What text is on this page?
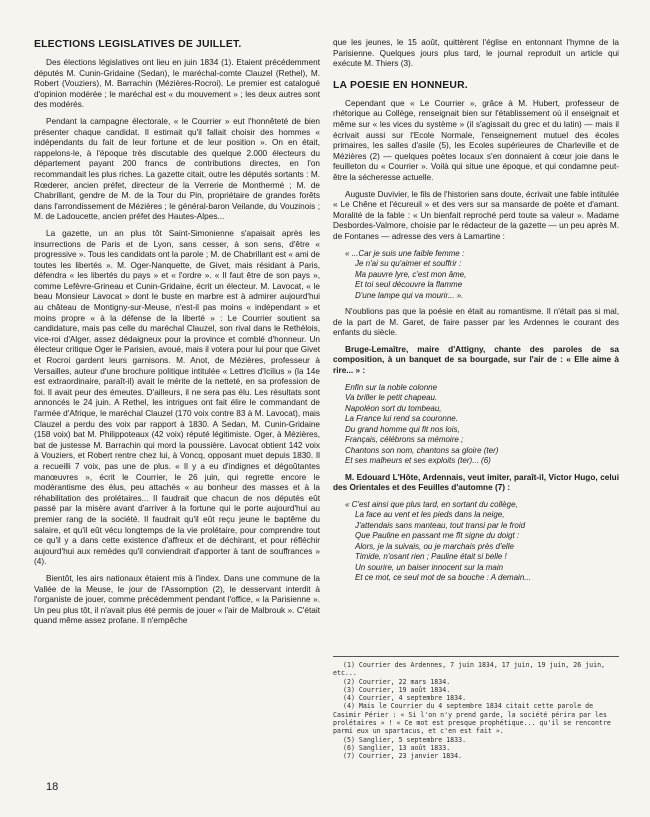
ELECTIONS LEGISLATIVES DE JUILLET.

Des élections législatives ont lieu en juin 1834 (1). Etaient précédemment députés M. Cunin-Gridaine (Sedan), le maréchal-comte Clauzel (Rethel), M. Robert (Vouziers), M. Barrachin (Mézières-Rocroi). Le premier est catalogué d'opinion modérée ; le maréchal est « du mouvement » ; les deux autres sont des modérés.

Pendant la campagne électorale, « le Courrier » eut l'honnêteté de bien présenter chaque candidat. Il estimait qu'il fallait choisir des hommes « indépendants du fait de leur fortune et de leur position ». On en était, rappelons-le, à l'époque très discutable des quelque 2.000 électeurs du département payant 200 francs de contributions directes, en l'on recommandait les plus riches. La gazette citait, outre les députés sortants : M. Rœderer, ancien préfet, directeur de la Verrerie de Monthermé ; M. de Chabrillant, gendre de M. de la Tour du Pin, propriétaire de grandes forêts dans l'arrondissement de Mézières ; le général-baron Veilande, du Vouzinois ; M. de Ladoucette, ancien préfet des Hautes-Alpes...

La gazette, un an plus tôt Saint-Simonienne s'apaisait après les insurrections de Paris et de Lyon, sans cesser, à son sens, d'être « progressive ». Tous les candidats ont la parole ; M. de Chabrillant est « ami de toutes les libertés ». M. Oger-Nanquette, de Givet, mais résidant à Paris, défendra « les libertés du pays » et « l'ordre ». « Il faut être de son pays », comme Lefèvre-Grineau et Cunin-Gridaine, écrit un électeur. M. Lavocat, « le beau Monsieur Lavocat » dont le buste en marbre est à admirer aujourd'hui au château de Montigny-sur-Meuse, n'est-il pas moins « indépendant » et moins propre « à la défense de la liberté » : Le Courrier soutient sa candidature, mais pas celle du maréchal Clauzel, son rival dans le Rethélois, vice-roi d'Alger, assez dédaigneux pour la province et comblé d'honneur. Un électeur critique Oger le Parisien, avoué, mais il votera pour lui pour que Givet et Rocroi gardent leurs garnisons. M. Anot, de Mézières, professeur à Versailles, auteur d'une brochure politique intitulée « Lettres d'Icilius » (la 14e est extraordinaire, paraît-il) avait le mérite de la netteté, en sa profession de foi. Il avait peur des émeutes. D'ailleurs, il ne sera pas élu. Les résultats sont annoncés le 24 juin. A Rethel, les intrigues ont fait élire le commandant de l'armée d'Afrique, le maréchal Clauzel (170 voix contre 83 à M. Lavocat), mais Clauzel a perdu des voix par rapport à 1830. A Sedan, M. Cunin-Gridaine (158 voix) bat M. Philippoteaux (42 voix) réputé légitimiste. Oger, à Mézières, bat de justesse M. Barrachin qui mord la poussière. Lavocat obtient 142 voix à Vouziers, et Robert rentre chez lui, à Voncq, opposant muet depuis 1830. Il a recueilli 7 voix, pas une de plus. « Il y a eu d'indignes et dégoûtantes manœuvres », écrit le Courrier, le 26 juin, qui regrette encore le modérantisme des élus, peu attachés « au bonheur des masses et à la réhabilitation des prolétaires... Il faudrait que chacun de nos députés eût passé par la misère avant d'arriver à la fortune qui le porte aujourd'hui au premier rang de la société. Il faudrait qu'il eût reçu jeune le baptême du salaire, et qu'il eût vécu longtemps de la vie prolétaire, pour comprendre tout ce qu'il y a dans cette existence d'affreux et de déchirant, et pour réfléchir aujourd'hui aux remèdes qu'il conviendrait d'apporter à tant de souffrances » (4).

Bientôt, les airs nationaux étaient mis à l'index. Dans une commune de la Vallée de la Meuse, le jour de l'Assomption (2), le desservant interdit à l'organiste de jouer, comme précédemment pendant l'office, « la Parisienne ». Un peu plus tôt, il n'avait plus été permis de jouer « l'air de Malbrouk ». C'était quand même assez profane. Il n'empêche

que les jeunes, le 15 août, quittèrent l'église en entonnant l'hymne de la Parisienne. Quelques jours plus tard, le journal reproduit un article qui exécute M. Thiers (3).

LA POESIE EN HONNEUR.

Cependant que « Le Courrier », grâce à M. Hubert, professeur de rhétorique au Collège, renseignait bien sur l'établissement où il enseignait et même sur « les vices du système » (il s'agissait du grec et du latin) — mais il écrivait aussi sur l'Ecole Normale, l'enseignement mutuel des écoles primaires, les salles d'asile (5), les Ecoles supérieures de Charleville et de Mézières (2) — quelques poètes locaux s'en donnaient à cœur joie dans le feuilleton du « Courrier ». Voilà qui situe une époque, et qui condamne peut-être la sécheresse actuelle.

Auguste Duvivier, le fils de l'historien sans doute, écrivait une fable intitulée « Le Chêne et l'écureuil » et des vers sur sa mansarde de poète et d'amant. Moralité de la fable : « Un bienfait reproché perd toute sa valeur ». Madame Desbordes-Valmore, choisie par le rédacteur de la gazette — un peu après M. de Fontanes — adresse des vers à Lamartine :

« ...Car je suis une faible femme :
Je n'ai su qu'aimer et souffrir :
Ma pauvre lyre, c'est mon âme,
Et toi seul découvre la flamme
D'une lampe qui va mourir... ».

N'oublions pas que la poésie en était au romantisme. Il n'était pas si mal, de la part de M. Garet, de faire passer par les Ardennes le courant des enfants du siècle.

Bruge-Lemaître, maire d'Attigny, chante des paroles de sa composition, à un banquet de sa bourgade, sur l'air de : « Elle aime à rire... » :

Enfin sur la noble colonne
Va briller le petit chapeau.
Napoléon sort du tombeau,
La France lui rend sa couronne.
Du grand homme qui fit nos lois,
Français, célébrons sa mémoire ;
Chantons son nom, chantons sa gloire (ter)
Et ses malheurs et ses exploits (ter)... (6)

M. Edouard L'Hôte, Ardennais, veut imiter, paraît-il, Victor Hugo, celui des Orientales et des Feuilles d'automne (7) :

« C'est ainsi que plus tard, en sortant du collège,
La face au vent et les pieds dans la neige,
J'attendais sans manteau, tout transi par le froid
Que Pauline en passant me fît signe du doigt :
Alors, je la suivais, ou je marchais près d'elle
Timide, n'osant rien ; Pauline était si belle !
Un sourire, un baiser innocent sur la main
Et ce mot, ce seul mot de sa bouche : A demain...
(1) Courrier des Ardennes, 7 juin 1834, 17 juin, 19 juin, 26 juin, etc...
(2) Courrier, 22 mars 1834.
(3) Courrier, 19 août 1834.
(4) Courrier, 4 septembre 1834.
(4) Mais le Courrier du 4 septembre 1834 citait cette parole de Casimir Périer : « Si l'on n'y prend garde, la société périra par les prolétaires » ! « Ce mot est presque prophétique... qu'il se rencontre parmi eux un spartacus, et c'en est fait ».
(5) Sanglier, 5 septembre 1833.
(6) Sanglier, 13 août 1833.
(7) Courrier, 23 janvier 1834.
18
